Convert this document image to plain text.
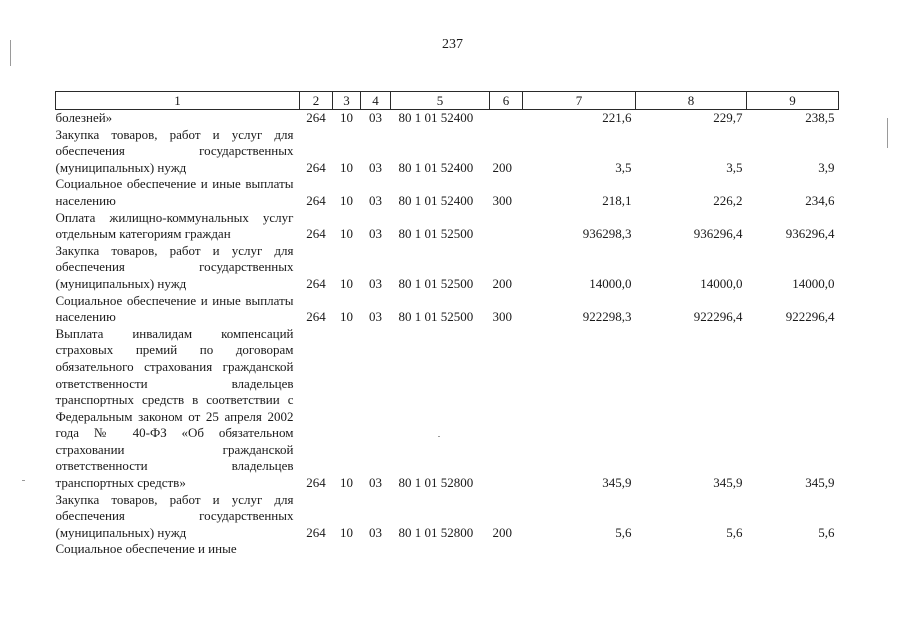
237
1	2	3	4	5	6	7	8	9
болезней»	264	10	03	80 1 01 52400		221,6	229,7	238,5
Закупка товаров, работ и услуг для обеспечения государственных (муниципальных) нужд	264	10	03	80 1 01 52400	200	3,5	3,5	3,9
Социальное обеспечение и иные выплаты населению	264	10	03	80 1 01 52400	300	218,1	226,2	234,6
Оплата жилищно-коммунальных услуг отдельным категориям граждан	264	10	03	80 1 01 52500		936298,3	936296,4	936296,4
Закупка товаров, работ и услуг для обеспечения государственных (муниципальных) нужд	264	10	03	80 1 01 52500	200	14000,0	14000,0	14000,0
Социальное обеспечение и иные выплаты населению	264	10	03	80 1 01 52500	300	922298,3	922296,4	922296,4
Выплата инвалидам компенсаций страховых премий по договорам обязательного страхования гражданской ответственности владельцев транспортных средств в соответствии с Федеральным законом от 25 апреля 2002 года № 40-ФЗ «Об обязательном страховании гражданской ответственности владельцев транспортных средств»	264	10	03	80 1 01 52800		345,9	345,9	345,9
Закупка товаров, работ и услуг для обеспечения государственных (муниципальных) нужд	264	10	03	80 1 01 52800	200	5,6	5,6	5,6
Социальное обеспечение и иные								
